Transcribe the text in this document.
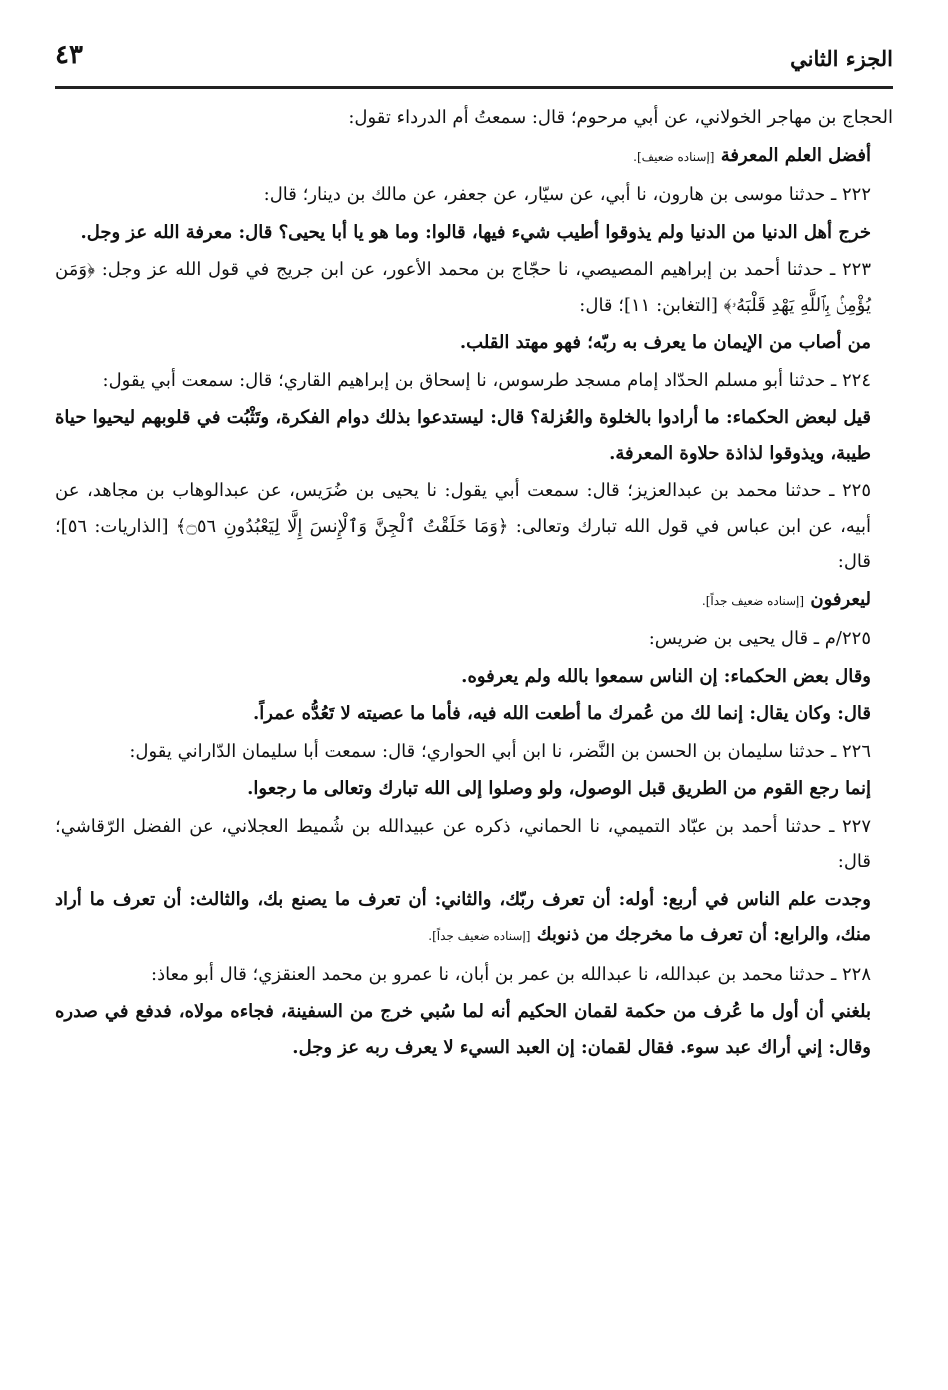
الجزء الثاني
٤٣

الحجاج بن مهاجر الخولاني، عن أبي مرحوم؛ قال: سمعتُ أم الدرداء تقول:

أفضل العلم المعرفة [إسناده ضعيف].

٢٢٢ ـ حدثنا موسى بن هارون، نا أبي، عن سيّار، عن جعفر، عن مالك بن دينار؛ قال:

خرج أهل الدنيا من الدنيا ولم يذوقوا أطيب شيء فيها، قالوا: وما هو يا أبا يحيى؟ قال: معرفة الله عز وجل.

٢٢٣ ـ حدثنا أحمد بن إبراهيم المصيصي، نا حجّاج بن محمد الأعور، عن ابن جريج في قول الله عز وجل: ﴿وَمَن يُؤْمِنۢ بِٱللَّهِ يَهْدِ قَلْبَهُۥ﴾ [التغابن: ١١]؛ قال:

من أصاب من الإيمان ما يعرف به ربّه؛ فهو مهتد القلب.

٢٢٤ ـ حدثنا أبو مسلم الحدّاد إمام مسجد طرسوس، نا إسحاق بن إبراهيم القاري؛ قال: سمعت أبي يقول:

قيل لبعض الحكماء: ما أرادوا بالخلوة والعُزلة؟ قال: ليستدعوا بذلك دوام الفكرة، وتَثْبُت في قلوبهم ليحيوا حياة طيبة، ويذوقوا لذاذة حلاوة المعرفة.

٢٢٥ ـ حدثنا محمد بن عبدالعزيز؛ قال: سمعت أبي يقول: نا يحيى بن ضُرَيس، عن عبدالوهاب بن مجاهد، عن أبيه، عن ابن عباس في قول الله تبارك وتعالى: ﴿وَمَا خَلَقْتُ ٱلْجِنَّ وَٱلْإِنسَ إِلَّا لِيَعْبُدُونِ ۝٥٦﴾ [الذاريات: ٥٦]؛ قال:

ليعرفون [إسناده ضعيف جداً].

٢٢٥/م ـ قال يحيى بن ضريس:

وقال بعض الحكماء: إن الناس سمعوا بالله ولم يعرفوه.

قال: وكان يقال: إنما لك من عُمرك ما أطعت الله فيه، فأما ما عصيته لا تَعُدُّه عمراً.

٢٢٦ ـ حدثنا سليمان بن الحسن بن النَّضر، نا ابن أبي الحواري؛ قال: سمعت أبا سليمان الدّاراني يقول:

إنما رجع القوم من الطريق قبل الوصول، ولو وصلوا إلى الله تبارك وتعالى ما رجعوا.

٢٢٧ ـ حدثنا أحمد بن عبّاد التميمي، نا الحماني، ذكره عن عبيدالله بن شُميط العجلاني، عن الفضل الرّقاشي؛ قال:

وجدت علم الناس في أربع: أوله: أن تعرف ربّك، والثاني: أن تعرف ما يصنع بك، والثالث: أن تعرف ما أراد منك، والرابع: أن تعرف ما مخرجك من ذنوبك [إسناده ضعيف جداً].

٢٢٨ ـ حدثنا محمد بن عبدالله، نا عبدالله بن عمر بن أبان، نا عمرو بن محمد العنقزي؛ قال أبو معاذ:

بلغني أن أول ما عُرف من حكمة لقمان الحكيم أنه لما سُبي خرج من السفينة، فجاءه مولاه، فدفع في صدره وقال: إني أراك عبد سوء. فقال لقمان: إن العبد السيء لا يعرف ربه عز وجل.
